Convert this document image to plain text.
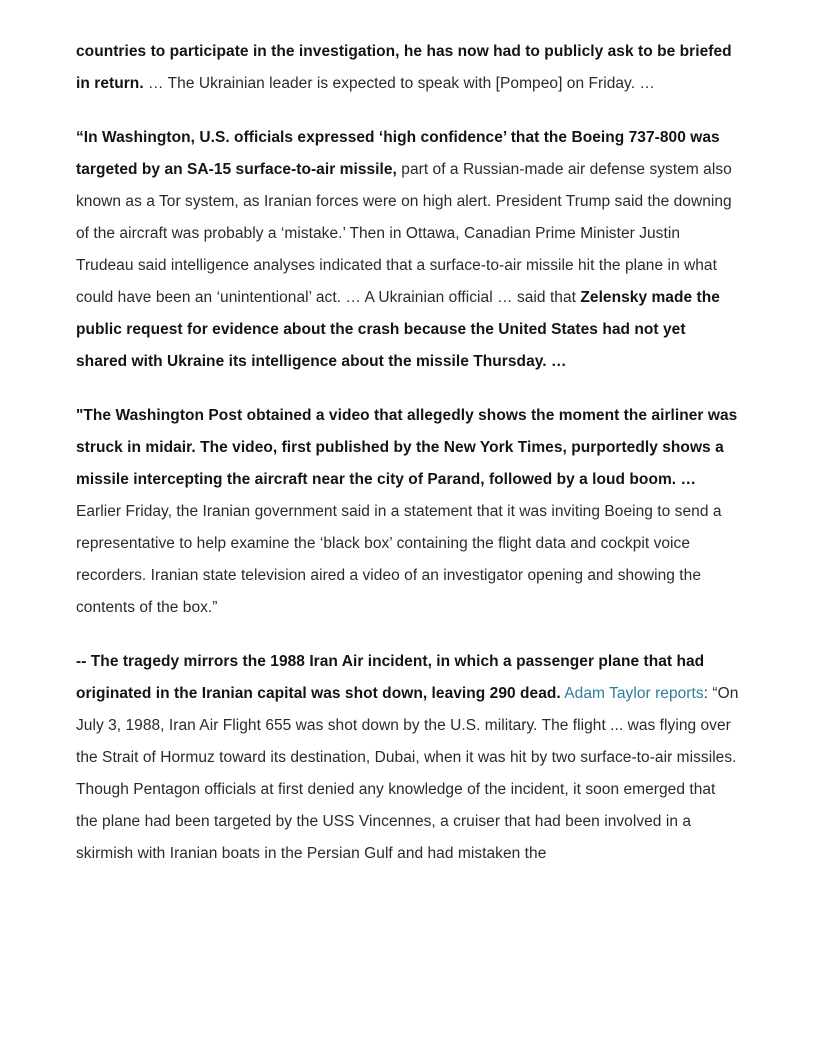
countries to participate in the investigation, he has now had to publicly ask to be briefed in return. … The Ukrainian leader is expected to speak with [Pompeo] on Friday. …

“In Washington, U.S. officials expressed ‘high confidence’ that the Boeing 737-800 was targeted by an SA-15 surface-to-air missile, part of a Russian-made air defense system also known as a Tor system, as Iranian forces were on high alert. President Trump said the downing of the aircraft was probably a ‘mistake.’ Then in Ottawa, Canadian Prime Minister Justin Trudeau said intelligence analyses indicated that a surface-to-air missile hit the plane in what could have been an ‘unintentional’ act. … A Ukrainian official … said that Zelensky made the public request for evidence about the crash because the United States had not yet shared with Ukraine its intelligence about the missile Thursday. …

"The Washington Post obtained a video that allegedly shows the moment the airliner was struck in midair. The video, first published by the New York Times, purportedly shows a missile intercepting the aircraft near the city of Parand, followed by a loud boom. … Earlier Friday, the Iranian government said in a statement that it was inviting Boeing to send a representative to help examine the ‘black box’ containing the flight data and cockpit voice recorders. Iranian state television aired a video of an investigator opening and showing the contents of the box.”

-- The tragedy mirrors the 1988 Iran Air incident, in which a passenger plane that had originated in the Iranian capital was shot down, leaving 290 dead. Adam Taylor reports: “On July 3, 1988, Iran Air Flight 655 was shot down by the U.S. military. The flight ... was flying over the Strait of Hormuz toward its destination, Dubai, when it was hit by two surface-to-air missiles. Though Pentagon officials at first denied any knowledge of the incident, it soon emerged that the plane had been targeted by the USS Vincennes, a cruiser that had been involved in a skirmish with Iranian boats in the Persian Gulf and had mistaken the
